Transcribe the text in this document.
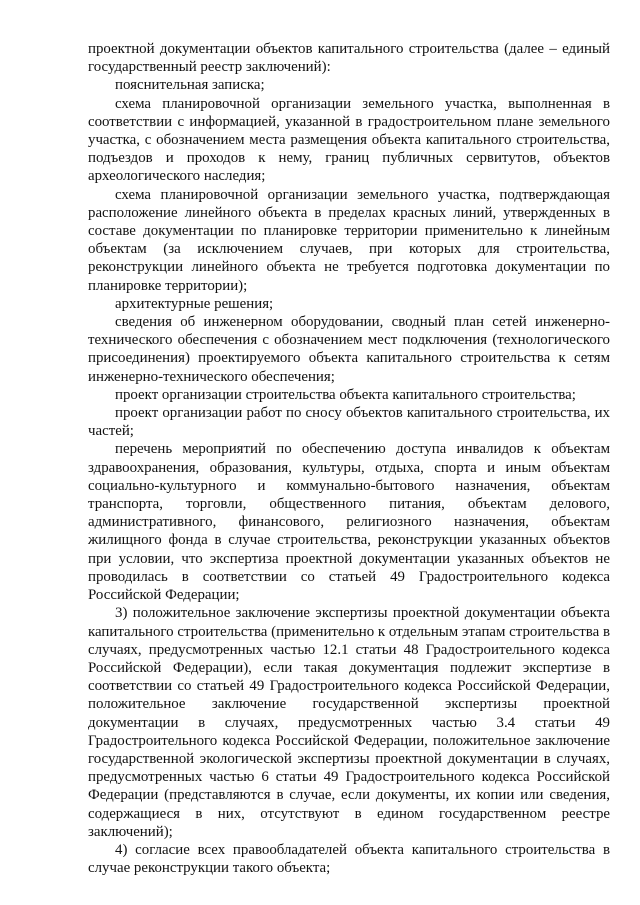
проектной документации объектов капитального строительства (далее – единый государственный реестр заключений):

пояснительная записка;

схема планировочной организации земельного участка, выполненная в соответствии с информацией, указанной в градостроительном плане земельного участка, с обозначением места размещения объекта капитального строительства, подъездов и проходов к нему, границ публичных сервитутов, объектов археологического наследия;

схема планировочной организации земельного участка, подтверждающая расположение линейного объекта в пределах красных линий, утвержденных в составе документации по планировке территории применительно к линейным объектам (за исключением случаев, при которых для строительства, реконструкции линейного объекта не требуется подготовка документации по планировке территории);

архитектурные решения;

сведения об инженерном оборудовании, сводный план сетей инженерно-технического обеспечения с обозначением мест подключения (технологического присоединения) проектируемого объекта капитального строительства к сетям инженерно-технического обеспечения;

проект организации строительства объекта капитального строительства;

проект организации работ по сносу объектов капитального строительства, их частей;

перечень мероприятий по обеспечению доступа инвалидов к объектам здравоохранения, образования, культуры, отдыха, спорта и иным объектам социально-культурного и коммунально-бытового назначения, объектам транспорта, торговли, общественного питания, объектам делового, административного, финансового, религиозного назначения, объектам жилищного фонда в случае строительства, реконструкции указанных объектов при условии, что экспертиза проектной документации указанных объектов не проводилась в соответствии со статьей 49 Градостроительного кодекса Российской Федерации;

3) положительное заключение экспертизы проектной документации объекта капитального строительства (применительно к отдельным этапам строительства в случаях, предусмотренных частью 12.1 статьи 48 Градостроительного кодекса Российской Федерации), если такая документация подлежит экспертизе в соответствии со статьей 49 Градостроительного кодекса Российской Федерации, положительное заключение государственной экспертизы проектной документации в случаях, предусмотренных частью 3.4 статьи 49 Градостроительного кодекса Российской Федерации, положительное заключение государственной экологической экспертизы проектной документации в случаях, предусмотренных частью 6 статьи 49 Градостроительного кодекса Российской Федерации (представляются в случае, если документы, их копии или сведения, содержащиеся в них, отсутствуют в едином государственном реестре заключений);

4) согласие всех правообладателей объекта капитального строительства в случае реконструкции такого объекта;
